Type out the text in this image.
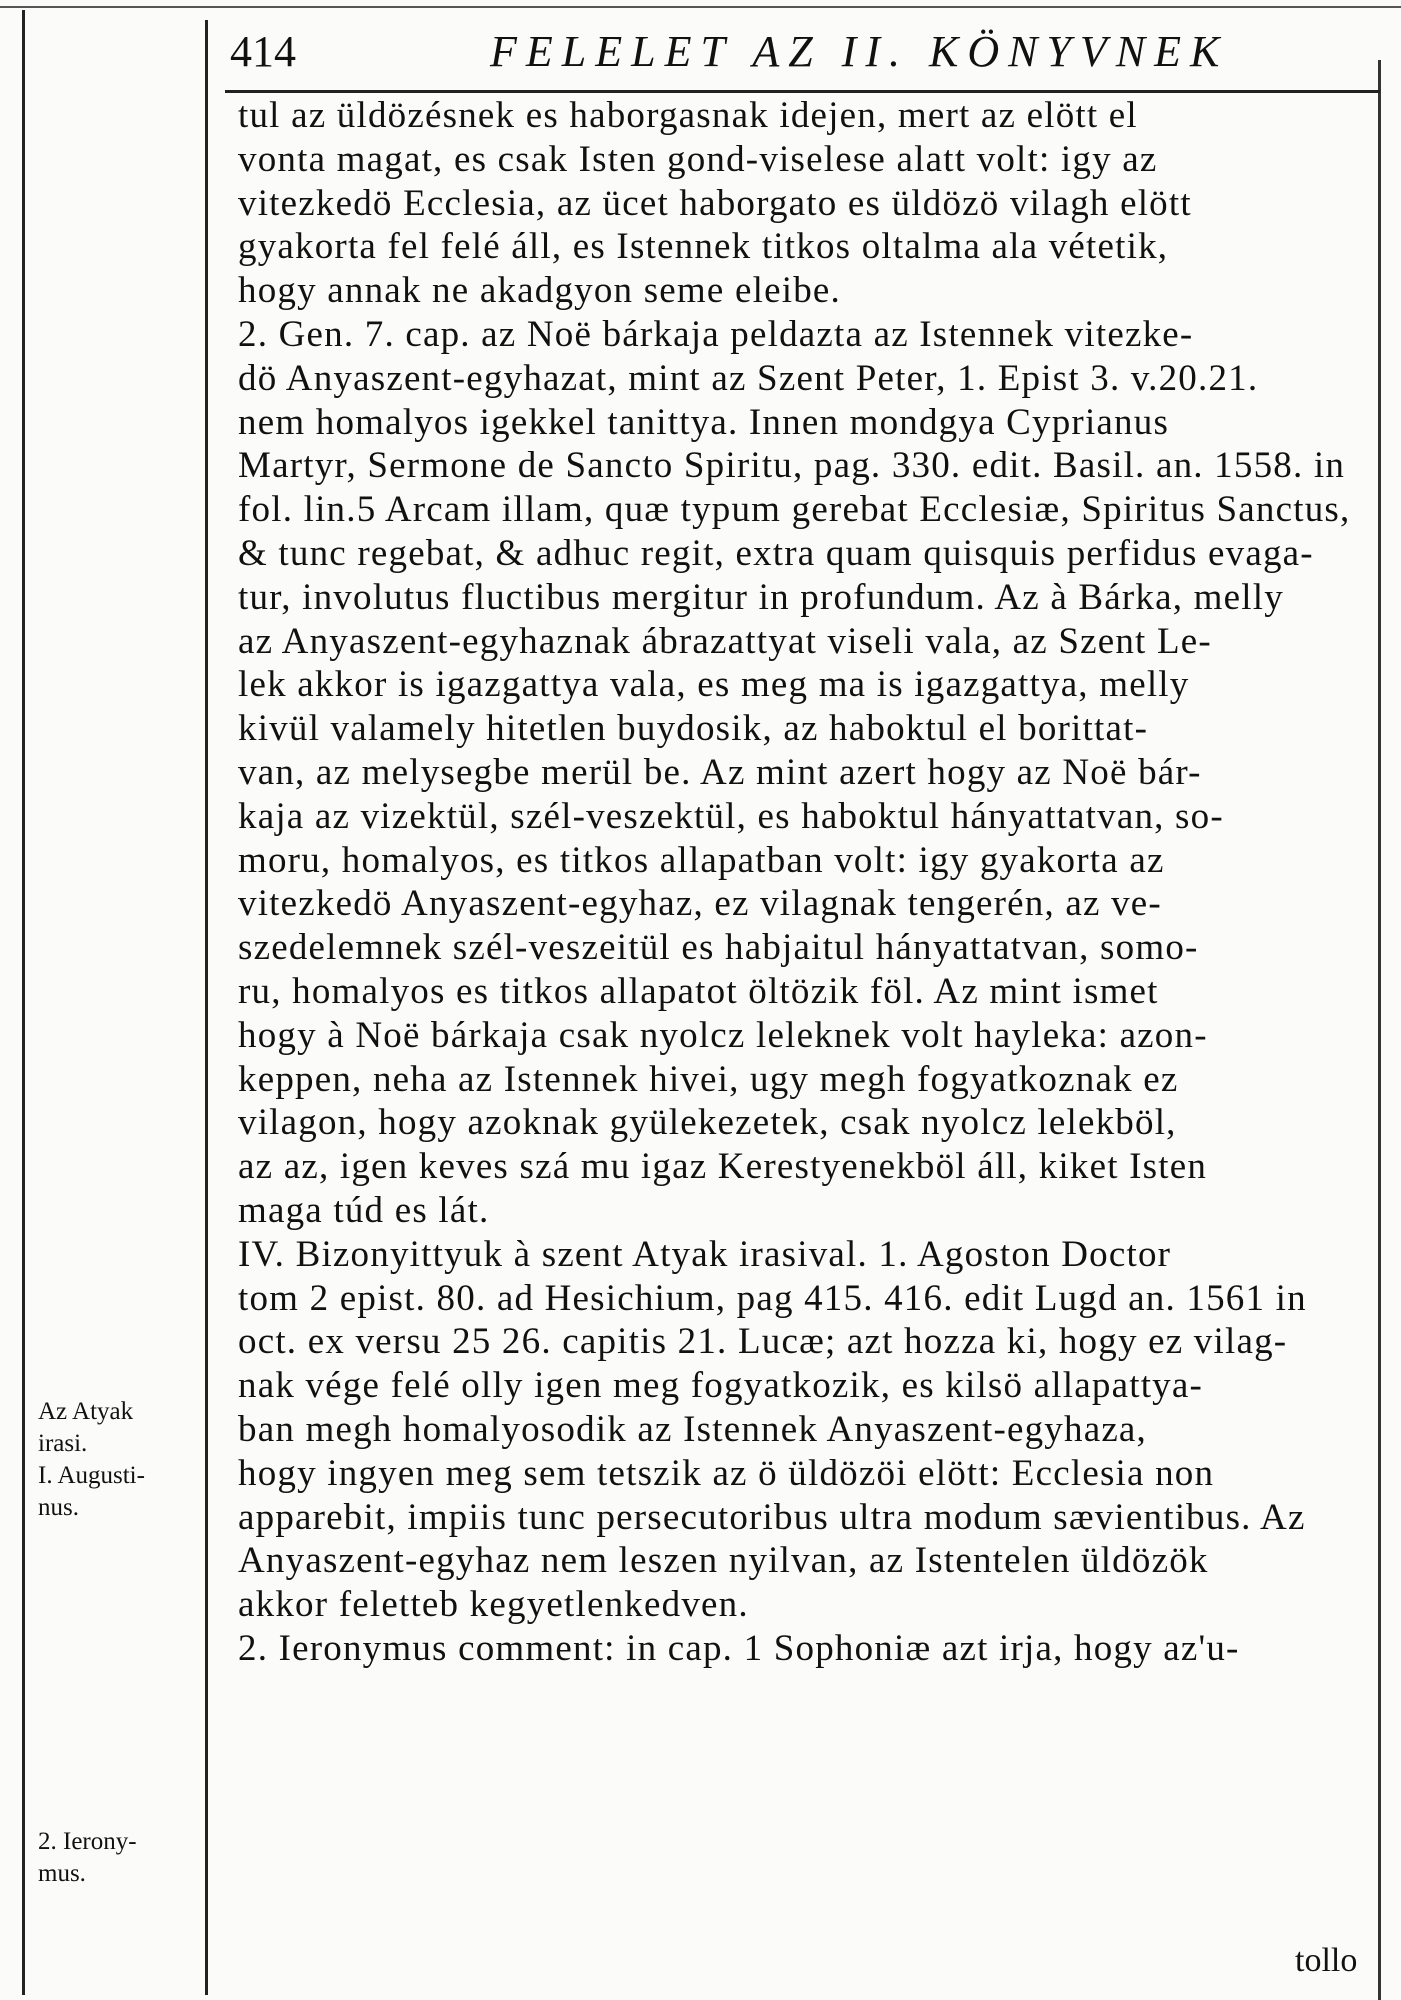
414	FELELET AZ II. KÖNYVNEK
tul az üldözésnek es haborgasnak idejen, mert az elött el
vonta magat, es csak Isten gond-viselese alatt volt: igy az
vitezkedö Ecclesia, az ücet haborgato es üldözö vilagh elött
gyakorta fel felé áll, es Istennek titkos oltalma ala vétetik,
hogy annak ne akadgyon seme eleibe.
2. Gen. 7. cap. az Noë bárkaja peldazta az Istennek vitezke-
dö Anyaszent-egyhazat, mint az Szent Peter, 1. Epist 3. v.20.21.
nem homalyos igekkel tanittya. Innen mondgya Cyprianus
Martyr, Sermone de Sancto Spiritu, pag. 330. edit. Basil. an. 1558. in
fol. lin.5 Arcam illam, quæ typum gerebat Ecclesiæ, Spiritus Sanctus,
& tunc regebat, & adhuc regit, extra quam quisquis perfidus evaga-
tur, involutus fluctibus mergitur in profundum. Az à Bárka, melly
az Anyaszent-egyhaznak ábrazattyat viseli vala, az Szent Le-
lek akkor is igazgattya vala, es meg ma is igazgattya, melly
kivül valamely hitetlen buydosik, az haboktul el borittat-
van, az melysegbe merül be. Az mint azert hogy az Noë bár-
kaja az vizektül, szél-veszektül, es haboktul hányattatvan, so-
moru, homalyos, es titkos allapatban volt: igy gyakorta az
vitezkedö Anyaszent-egyhaz, ez vilagnak tengerén, az ve-
szedelemnek szél-veszeitül es habjaitul hányattatvan, somo-
ru, homalyos es titkos allapatot öltözik föl. Az mint ismet
hogy à Noë bárkaja csak nyolcz leleknek volt hayleka: azon-
keppen, neha az Istennek hivei, ugy megh fogyatkoznak ez
vilagon, hogy azoknak gyülekezetek, csak nyolcz lelekböl,
az az, igen keves szá mu igaz Kerestyenekböl áll, kiket Isten
maga túd es lát.
IV. Bizonyittyuk à szent Atyak irasival. 1. Agoston Doctor
tom 2 epist. 80. ad Hesichium, pag 415. 416. edit Lugd an. 1561 in
oct. ex versu 25 26. capitis 21. Lucæ; azt hozza ki, hogy ez vilag-
nak vége felé olly igen meg fogyatkozik, es kilsö allapattya-
ban megh homalyosodik az Istennek Anyaszent-egyhaza,
hogy ingyen meg sem tetszik az ö üldözöi elött: Ecclesia non
apparebit, impiis tunc persecutoribus ultra modum sævientibus. Az
Anyaszent-egyhaz nem leszen nyilvan, az Istentelen üldözök
akkor feletteb kegyetlenkedven.
2. Ieronymus comment: in cap. 1 Sophoniæ azt irja, hogy az'u-
Az Atyak
irasi.
I. Augusti-
nus.
2. Ierony-
mus.
tollo
